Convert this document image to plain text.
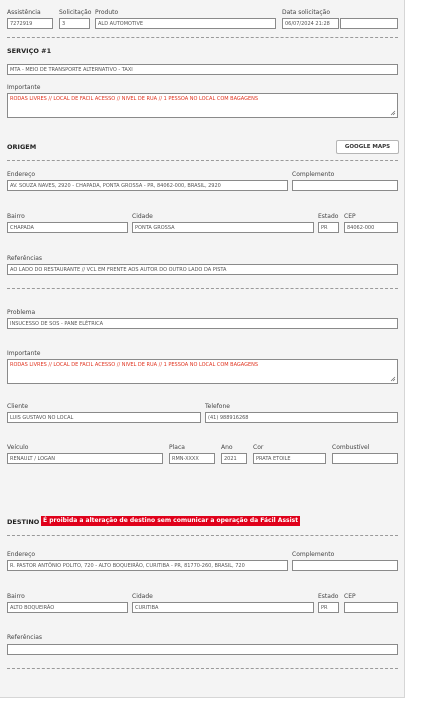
Assistência
7272919
Solicitação
3
Produto
ALD AUTOMOTIVE
Data solicitação
06/07/2024 21:28
SERVIÇO #1
MTA - MEIO DE TRANSPORTE ALTERNATIVO - TAXI
Importante
RODAS LIVRES // LOCAL DE FACIL ACESSO // NIVEL DE RUA // 1 PESSOA NO LOCAL COM BAGAGENS
ORIGEM	GOOGLE MAPS
Endereço
AV. SOUZA NAVES, 2920 - CHAPADA, PONTA GROSSA - PR, 84062-000, BRASIL, 2920
Complemento
Bairro
CHAPADA
Cidade
PONTA GROSSA
Estado
PR
CEP
84062-000
Referências
AO LADO DO RESTAURANTE // VCL EM FRENTE AOS AUTOR DO OUTRO LADO DA PISTA
Problema
INSUCESSO DE SOS - PANE ELÉTRICA
Importante
RODAS LIVRES // LOCAL DE FACIL ACESSO // NIVEL DE RUA // 1 PESSOA NO LOCAL COM BAGAGENS
Cliente
LUIS GUSTAVO NO LOCAL
Telefone
(41) 988916268
Veículo
RENAULT / LOGAN
Placa
RMN-XXXX
Ano
2021
Cor
PRATA ETOILE
Combustível
DESTINO É proibida a alteração de destino sem comunicar a operação da Fácil Assist
Endereço
R. PASTOR ANTÔNIO POLITO, 720 - ALTO BOQUEIRÃO, CURITIBA - PR, 81770-260, BRASIL, 720
Complemento
Bairro
ALTO BOQUEIRÃO
Cidade
CURITIBA
Estado
PR
CEP
Referências
